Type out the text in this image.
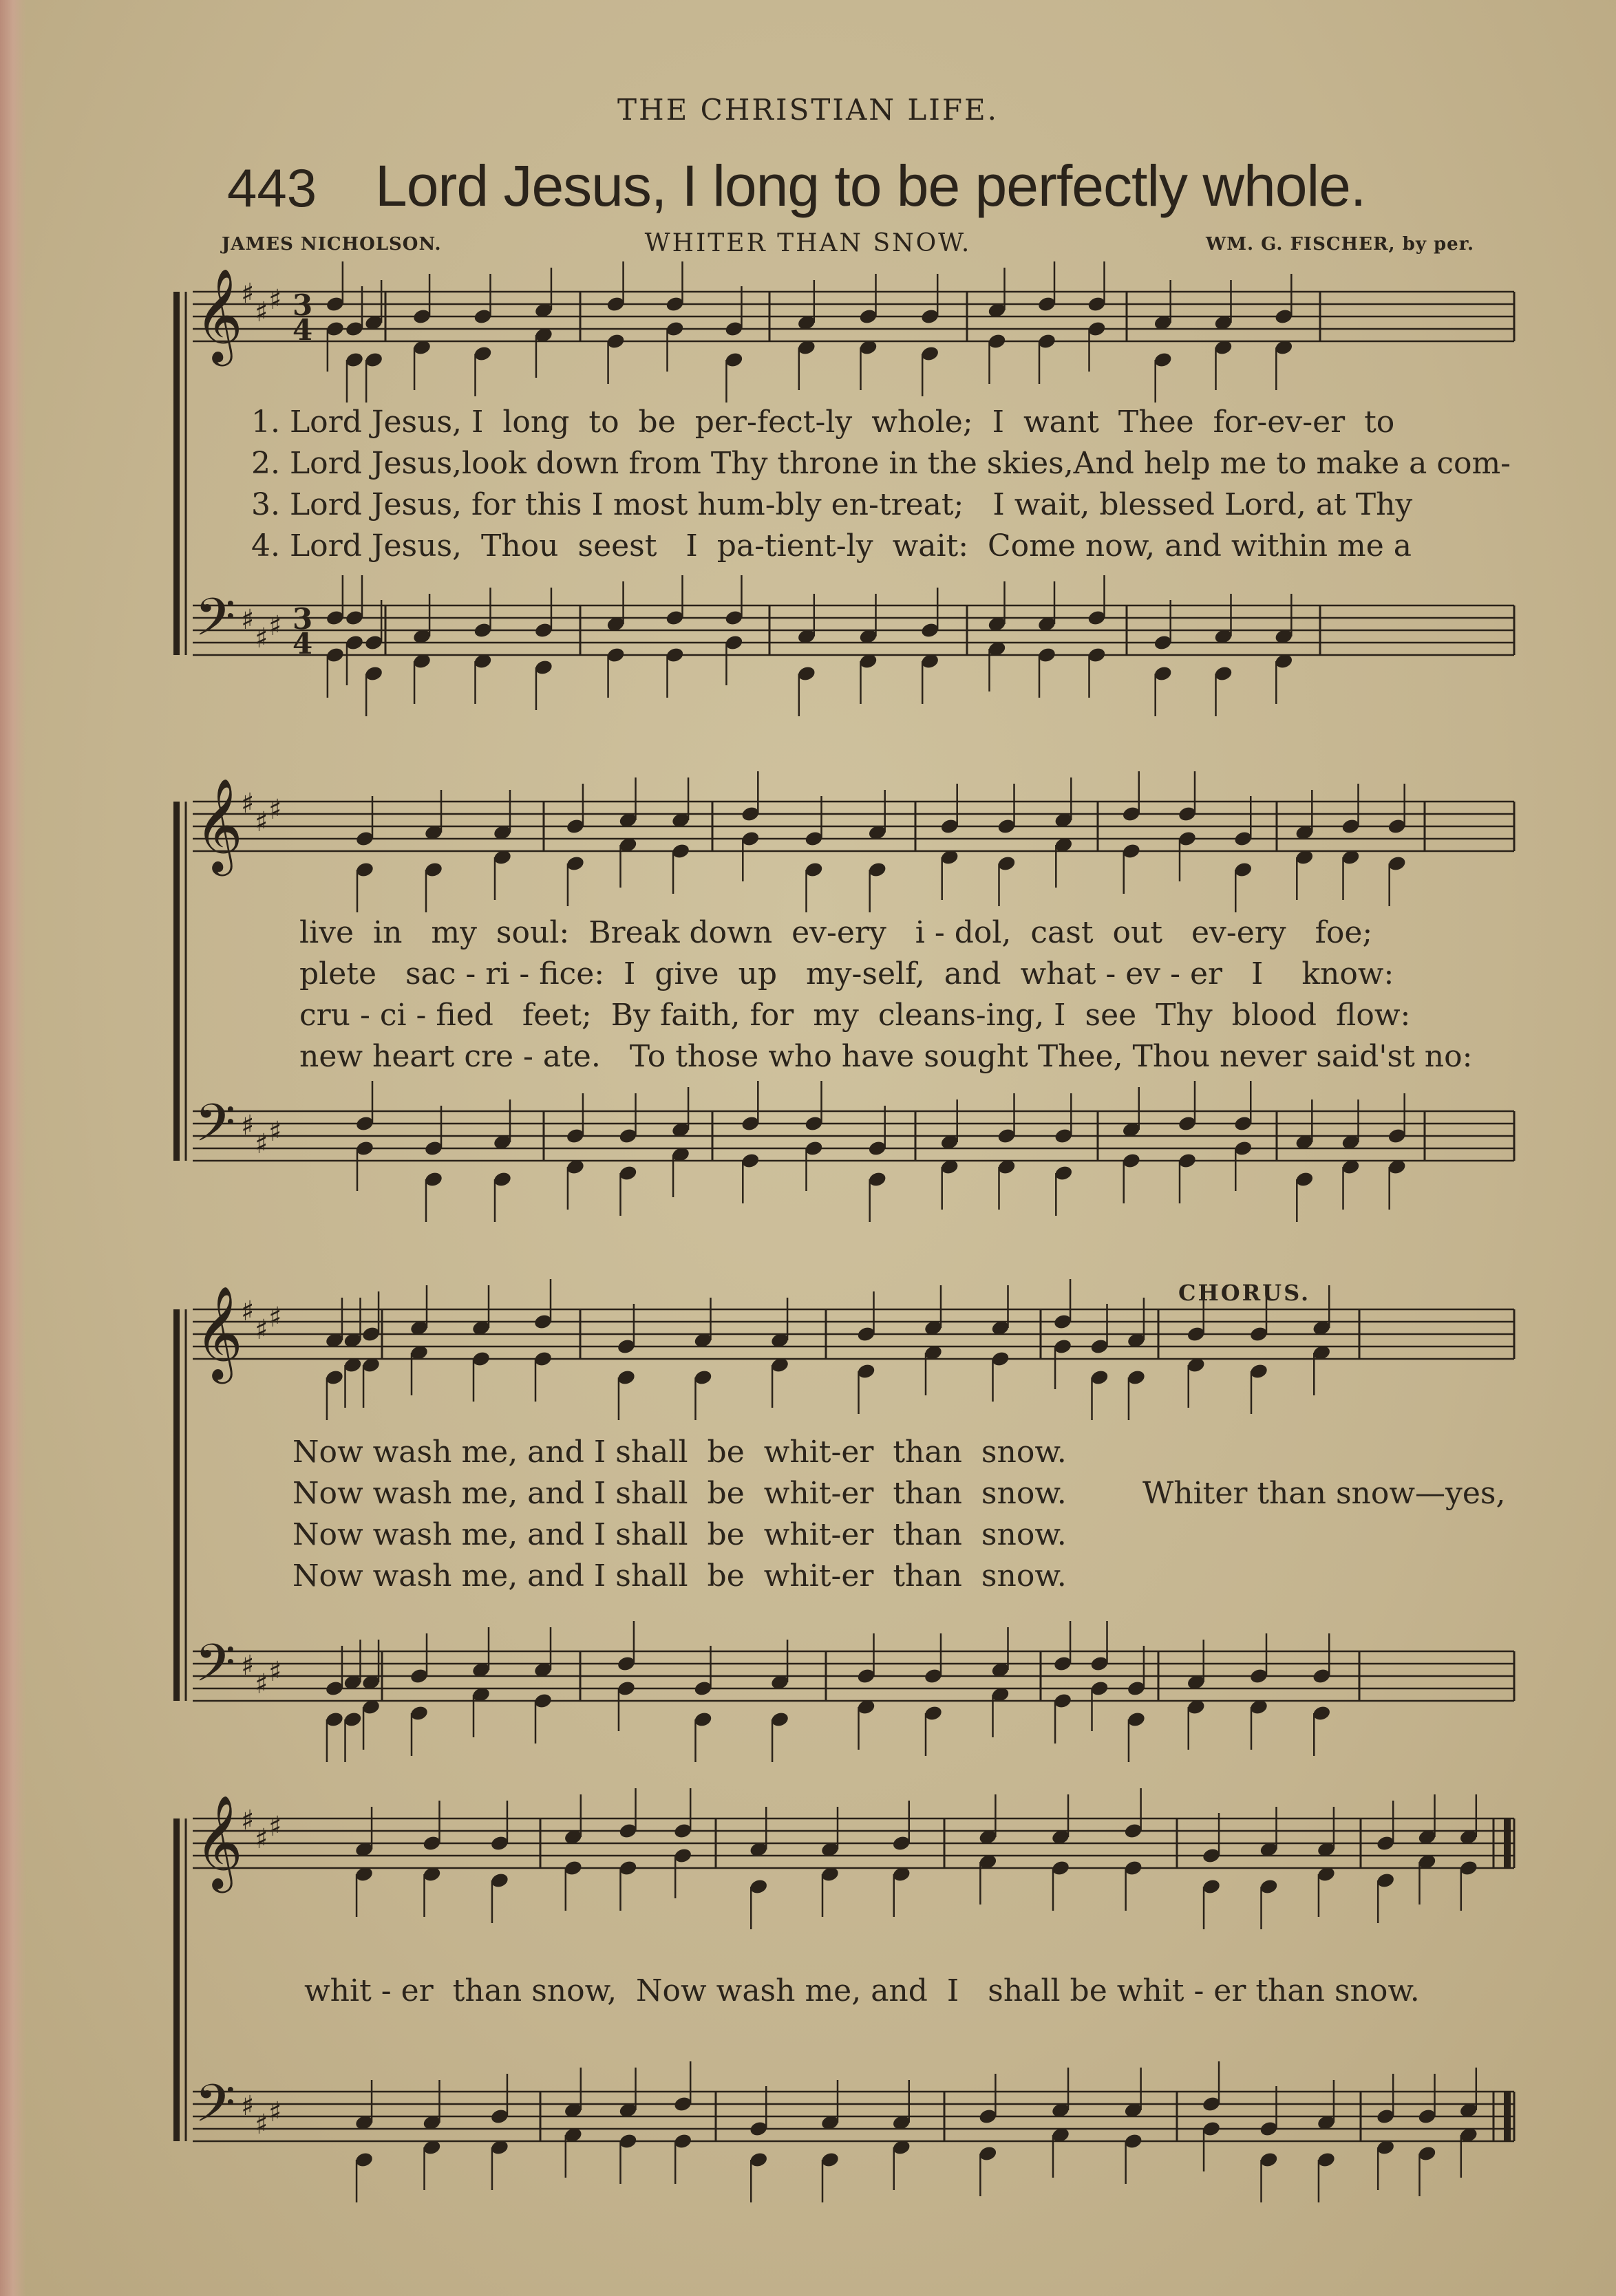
THE CHRISTIAN LIFE.
443 Lord Jesus, I long to be perfectly whole.
JAMES NICHOLSON.	WHITER THAN SNOW.	WM. G. FISCHER, by per.
𝄞
♯
♯ ♯ 3
4
𝄢 ♯
♯ ♯ 3
4
𝄞
♯
♯ ♯
𝄢 ♯
♯ ♯
𝄞
♯
♯ ♯
𝄢 ♯
♯ ♯
𝄞
♯
♯ ♯
𝄢 ♯
♯ ♯
CHORUS.
1. Lord Jesus, I  long  to  be  per-fect-ly  whole;  I  want  Thee  for-ev-er  to
2. Lord Jesus,look down from Thy throne in the skies,And help me to make a com-
3. Lord Jesus, for this I most hum-bly en-treat;   I wait, blessed Lord, at Thy
4. Lord Jesus,  Thou  seest   I  pa-tient-ly  wait:  Come now, and within me a
live  in   my  soul:  Break down  ev-ery   i - dol,  cast  out   ev-ery   foe;
plete   sac - ri - fice:  I  give  up   my-self,  and  what - ev - er   I    know:
cru - ci - fied   feet;  By faith, for  my  cleans-ing, I  see  Thy  blood  flow:
new heart cre - ate.   To those who have sought Thee, Thou never said'st no:
Now wash me, and I shall  be  whit-er  than  snow.
Now wash me, and I shall  be  whit-er  than  snow.	Whiter than snow—yes,
Now wash me, and I shall  be  whit-er  than  snow.
Now wash me, and I shall  be  whit-er  than  snow.
whit - er  than snow,  Now wash me, and  I   shall be whit - er than snow.
